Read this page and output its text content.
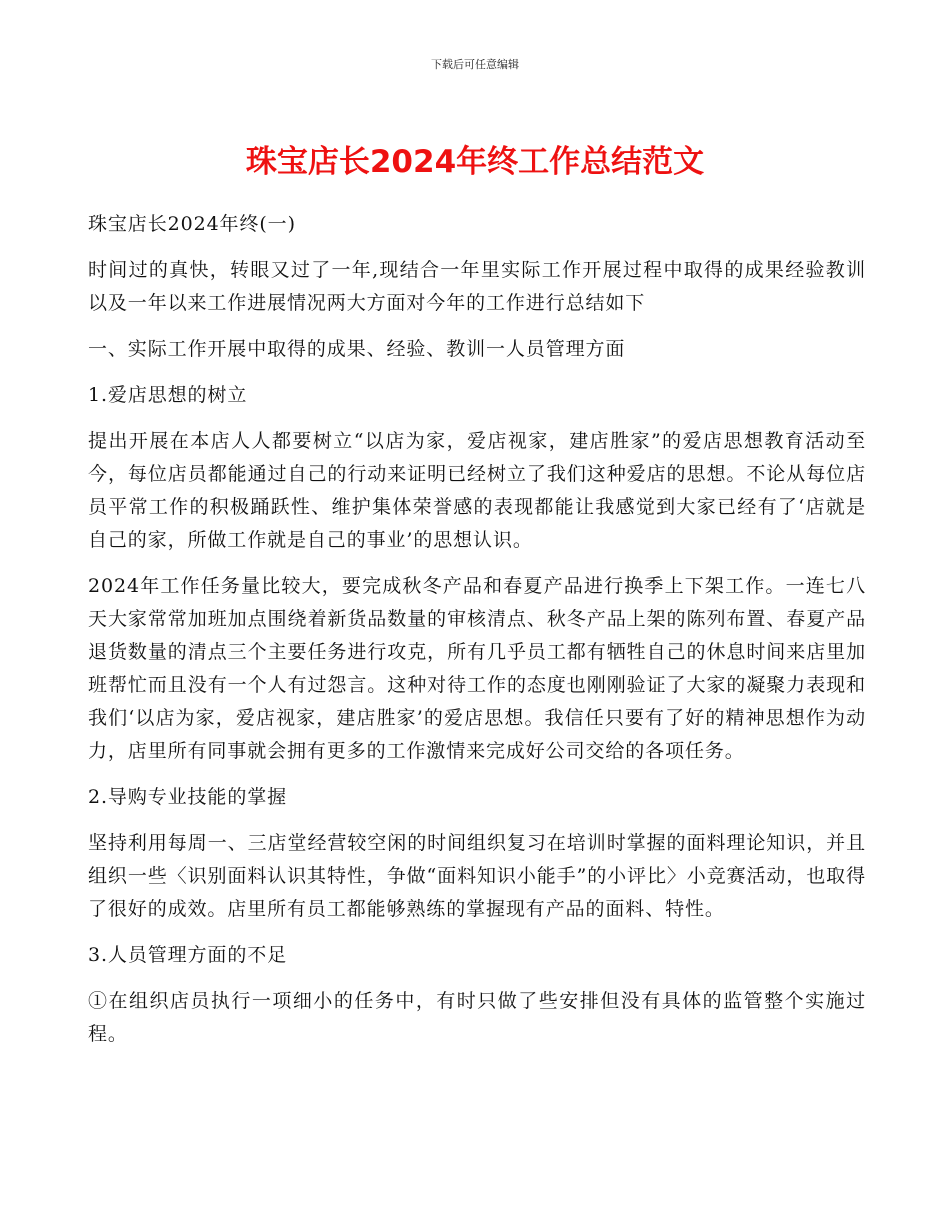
下载后可任意编辑
珠宝店长2024年终工作总结范文

珠宝店长2024年终(一)

时间过的真快，转眼又过了一年,现结合一年里实际工作开展过程中取得的成果经验教训以及一年以来工作进展情况两大方面对今年的工作进行总结如下

一、实际工作开展中取得的成果、经验、教训一人员管理方面

1.爱店思想的树立

提出开展在本店人人都要树立“以店为家，爱店视家，建店胜家”的爱店思想教育活动至今，每位店员都能通过自己的行动来证明已经树立了我们这种爱店的思想。不论从每位店员平常工作的积极踊跃性、维护集体荣誉感的表现都能让我感觉到大家已经有了‘店就是自己的家，所做工作就是自己的事业’的思想认识。

2024年工作任务量比较大，要完成秋冬产品和春夏产品进行换季上下架工作。一连七八天大家常常加班加点围绕着新货品数量的审核清点、秋冬产品上架的陈列布置、春夏产品退货数量的清点三个主要任务进行攻克，所有几乎员工都有牺牲自己的休息时间来店里加班帮忙而且没有一个人有过怨言。这种对待工作的态度也刚刚验证了大家的凝聚力表现和我们‘以店为家，爱店视家，建店胜家’的爱店思想。我信任只要有了好的精神思想作为动力，店里所有同事就会拥有更多的工作激情来完成好公司交给的各项任务。

2.导购专业技能的掌握

坚持利用每周一、三店堂经营较空闲的时间组织复习在培训时掌握的面料理论知识，并且组织一些〈识别面料认识其特性，争做“面料知识小能手”的小评比〉小竞赛活动，也取得了很好的成效。店里所有员工都能够熟练的掌握现有产品的面料、特性。

3.人员管理方面的不足

①在组织店员执行一项细小的任务中，有时只做了些安排但没有具体的监管整个实施过程。
